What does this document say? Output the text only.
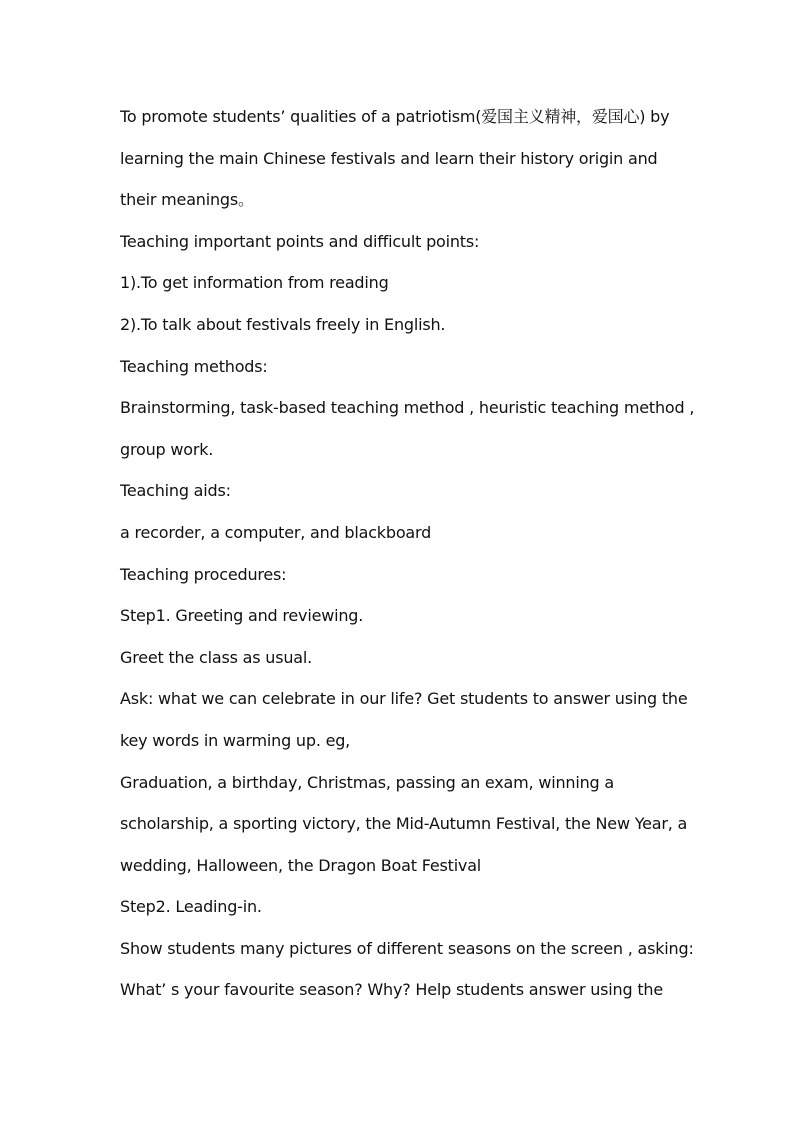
To promote students’ qualities of a patriotism(爱国主义精神，爱国心) by
learning the main Chinese festivals and learn their history origin and
their meanings。
Teaching important points and difficult points:
1).To get information from reading
2).To talk about festivals freely in English.
Teaching methods:
Brainstorming, task-based teaching method , heuristic teaching method ,
group work.
Teaching aids:
a recorder, a computer, and blackboard
Teaching procedures:
Step1. Greeting and reviewing.
Greet the class as usual.
Ask: what we can celebrate in our life? Get students to answer using the
key words in warming up. eg,
Graduation, a birthday, Christmas, passing an exam, winning a
scholarship, a sporting victory, the Mid-Autumn Festival, the New Year, a
wedding, Halloween, the Dragon Boat Festival
Step2. Leading-in.
Show students many pictures of different seasons on the screen , asking:
What’ s your favourite season? Why? Help students answer using the
